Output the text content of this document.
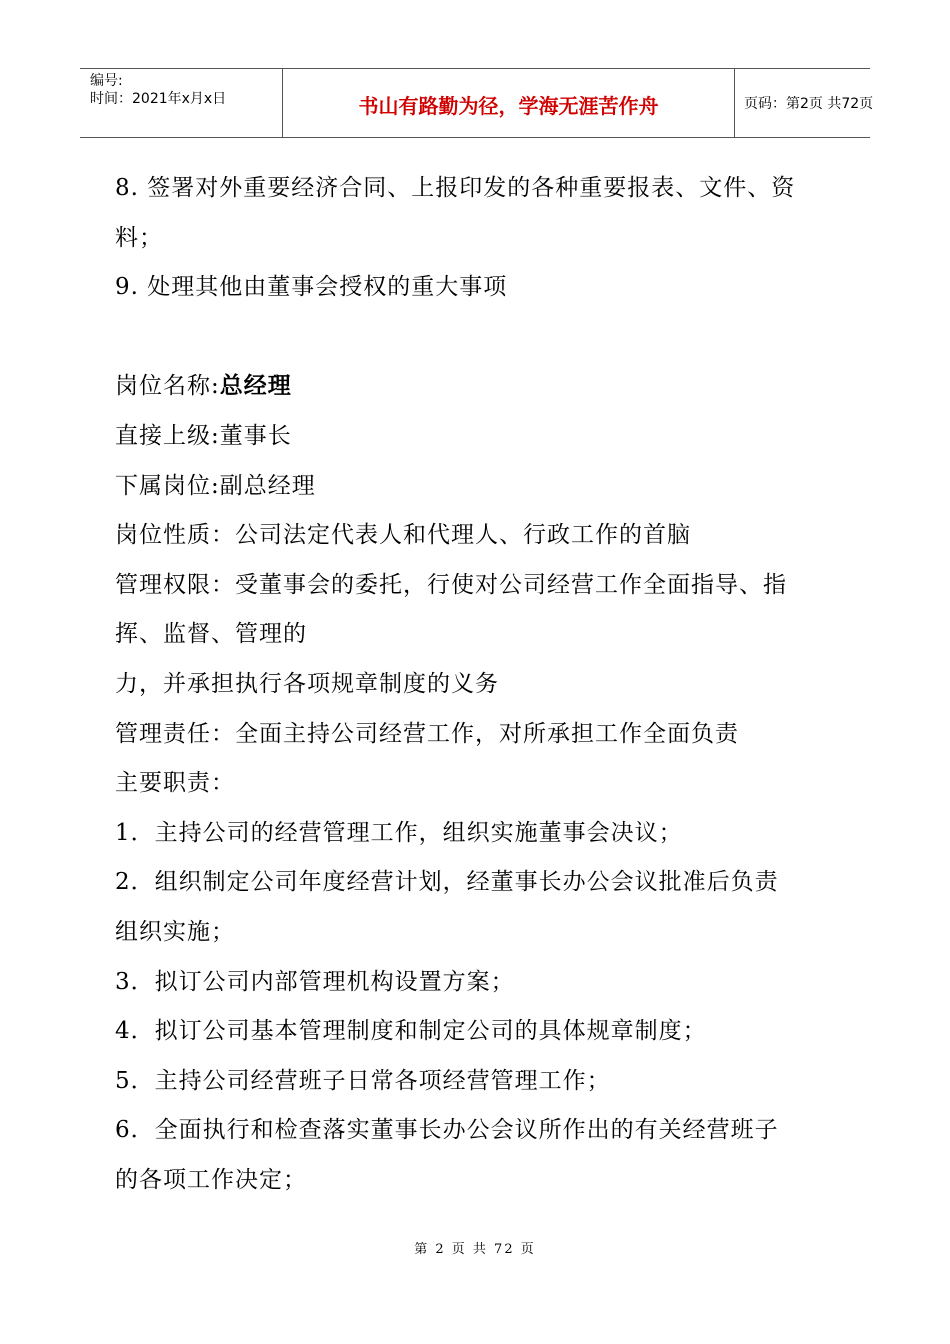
编号:
时间：2021年x月x日	书山有路勤为径，学海无涯苦作舟	页码：第2页 共72页
8. 签署对外重要经济合同、上报印发的各种重要报表、文件、资
料；
9. 处理其他由董事会授权的重大事项
岗位名称:总经理
直接上级:董事长
下属岗位:副总经理
岗位性质：公司法定代表人和代理人、行政工作的首脑
管理权限：受董事会的委托，行使对公司经营工作全面指导、指
挥、监督、管理的
力，并承担执行各项规章制度的义务
管理责任：全面主持公司经营工作，对所承担工作全面负责
主要职责：
1．主持公司的经营管理工作，组织实施董事会决议；
2．组织制定公司年度经营计划，经董事长办公会议批准后负责
组织实施；
3．拟订公司内部管理机构设置方案；
4．拟订公司基本管理制度和制定公司的具体规章制度；
5．主持公司经营班子日常各项经营管理工作；
6．全面执行和检查落实董事长办公会议所作出的有关经营班子
的各项工作决定；
第 2 页 共 72 页
